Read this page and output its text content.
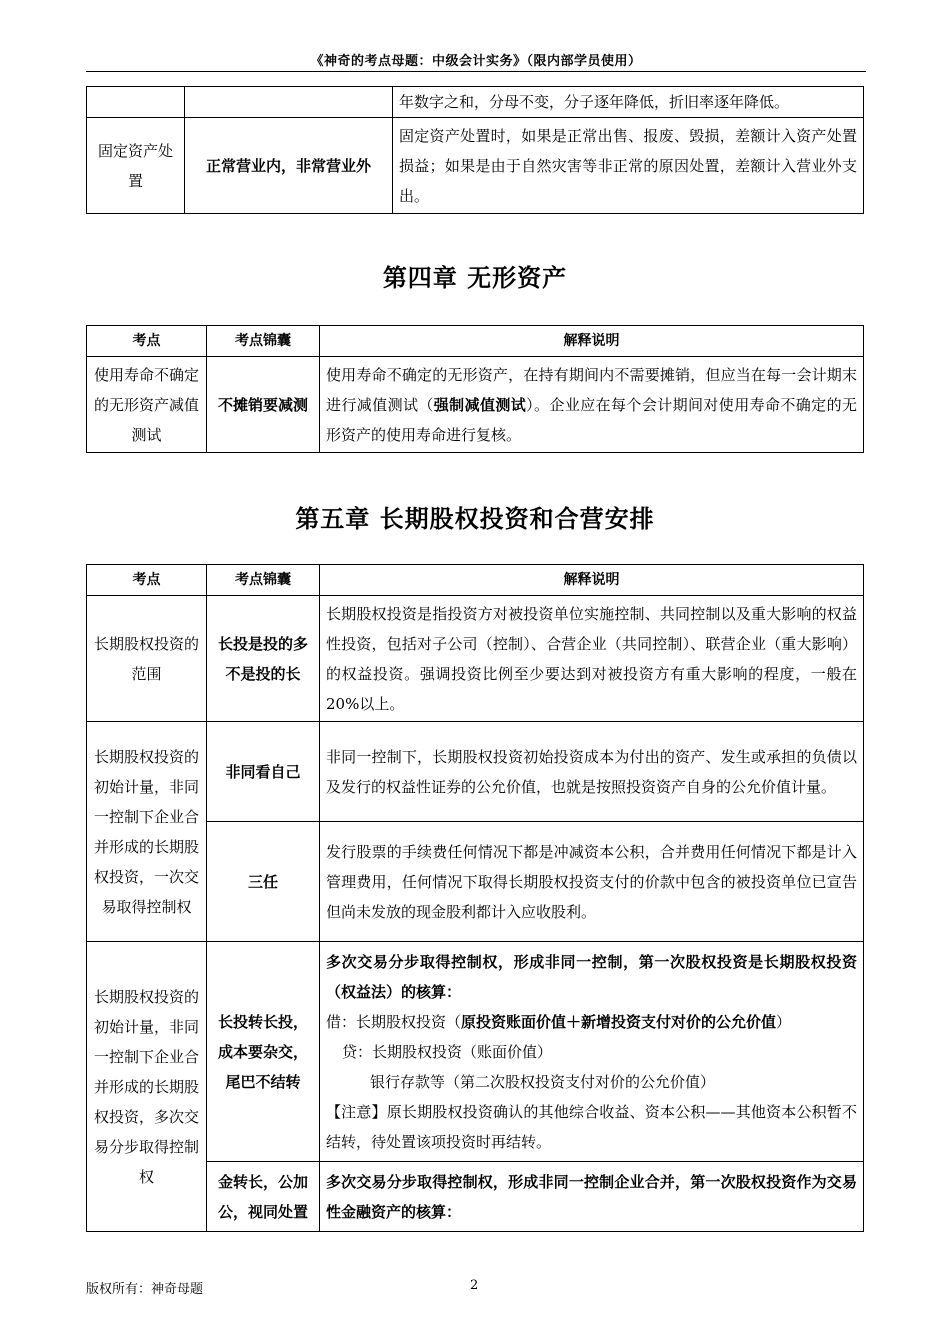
《神奇的考点母题：中级会计实务》（限内部学员使用）
		年数字之和，分母不变，分子逐年降低，折旧率逐年降低。
固定资产处置	正常营业内，非常营业外	固定资产处置时，如果是正常出售、报废、毁损，差额计入资产处置损益；如果是由于自然灾害等非正常的原因处置，差额计入营业外支出。
第四章 无形资产
考点	考点锦囊	解释说明
使用寿命不确定的无形资产减值测试	不摊销要减测	使用寿命不确定的无形资产，在持有期间内不需要摊销，但应当在每一会计期末进行减值测试（强制减值测试）。企业应在每个会计期间对使用寿命不确定的无形资产的使用寿命进行复核。
第五章 长期股权投资和合营安排
考点	考点锦囊	解释说明
长期股权投资的范围	长投是投的多不是投的长	长期股权投资是指投资方对被投资单位实施控制、共同控制以及重大影响的权益性投资，包括对子公司（控制）、合营企业（共同控制）、联营企业（重大影响）的权益投资。强调投资比例至少要达到对被投资方有重大影响的程度，一般在20%以上。
长期股权投资的初始计量，非同一控制下企业合并形成的长期股权投资，一次交易取得控制权	非同看自己	非同一控制下，长期股权投资初始投资成本为付出的资产、发生或承担的负债以及发行的权益性证券的公允价值，也就是按照投资资产自身的公允价值计量。
	三任	发行股票的手续费任何情况下都是冲减资本公积，合并费用任何情况下都是计入管理费用，任何情况下取得长期股权投资支付的价款中包含的被投资单位已宣告但尚未发放的现金股利都计入应收股利。
长期股权投资的初始计量，非同一控制下企业合并形成的长期股权投资，多次交易分步取得控制权	长投转长投，成本要杂交，尾巴不结转	多次交易分步取得控制权，形成非同一控制，第一次股权投资是长期股权投资（权益法）的核算：

借：长期股权投资（原投资账面价值＋新增投资支付对价的公允价值）

贷：长期股权投资（账面价值）

银行存款等（第二次股权投资支付对价的公允价值）

【注意】原长期股权投资确认的其他综合收益、资本公积——其他资本公积暂不结转，待处置该项投资时再结转。

	金转长，公加公，视同处置	多次交易分步取得控制权，形成非同一控制企业合并，第一次股权投资作为交易性金融资产的核算：
版权所有：神奇母题	2
